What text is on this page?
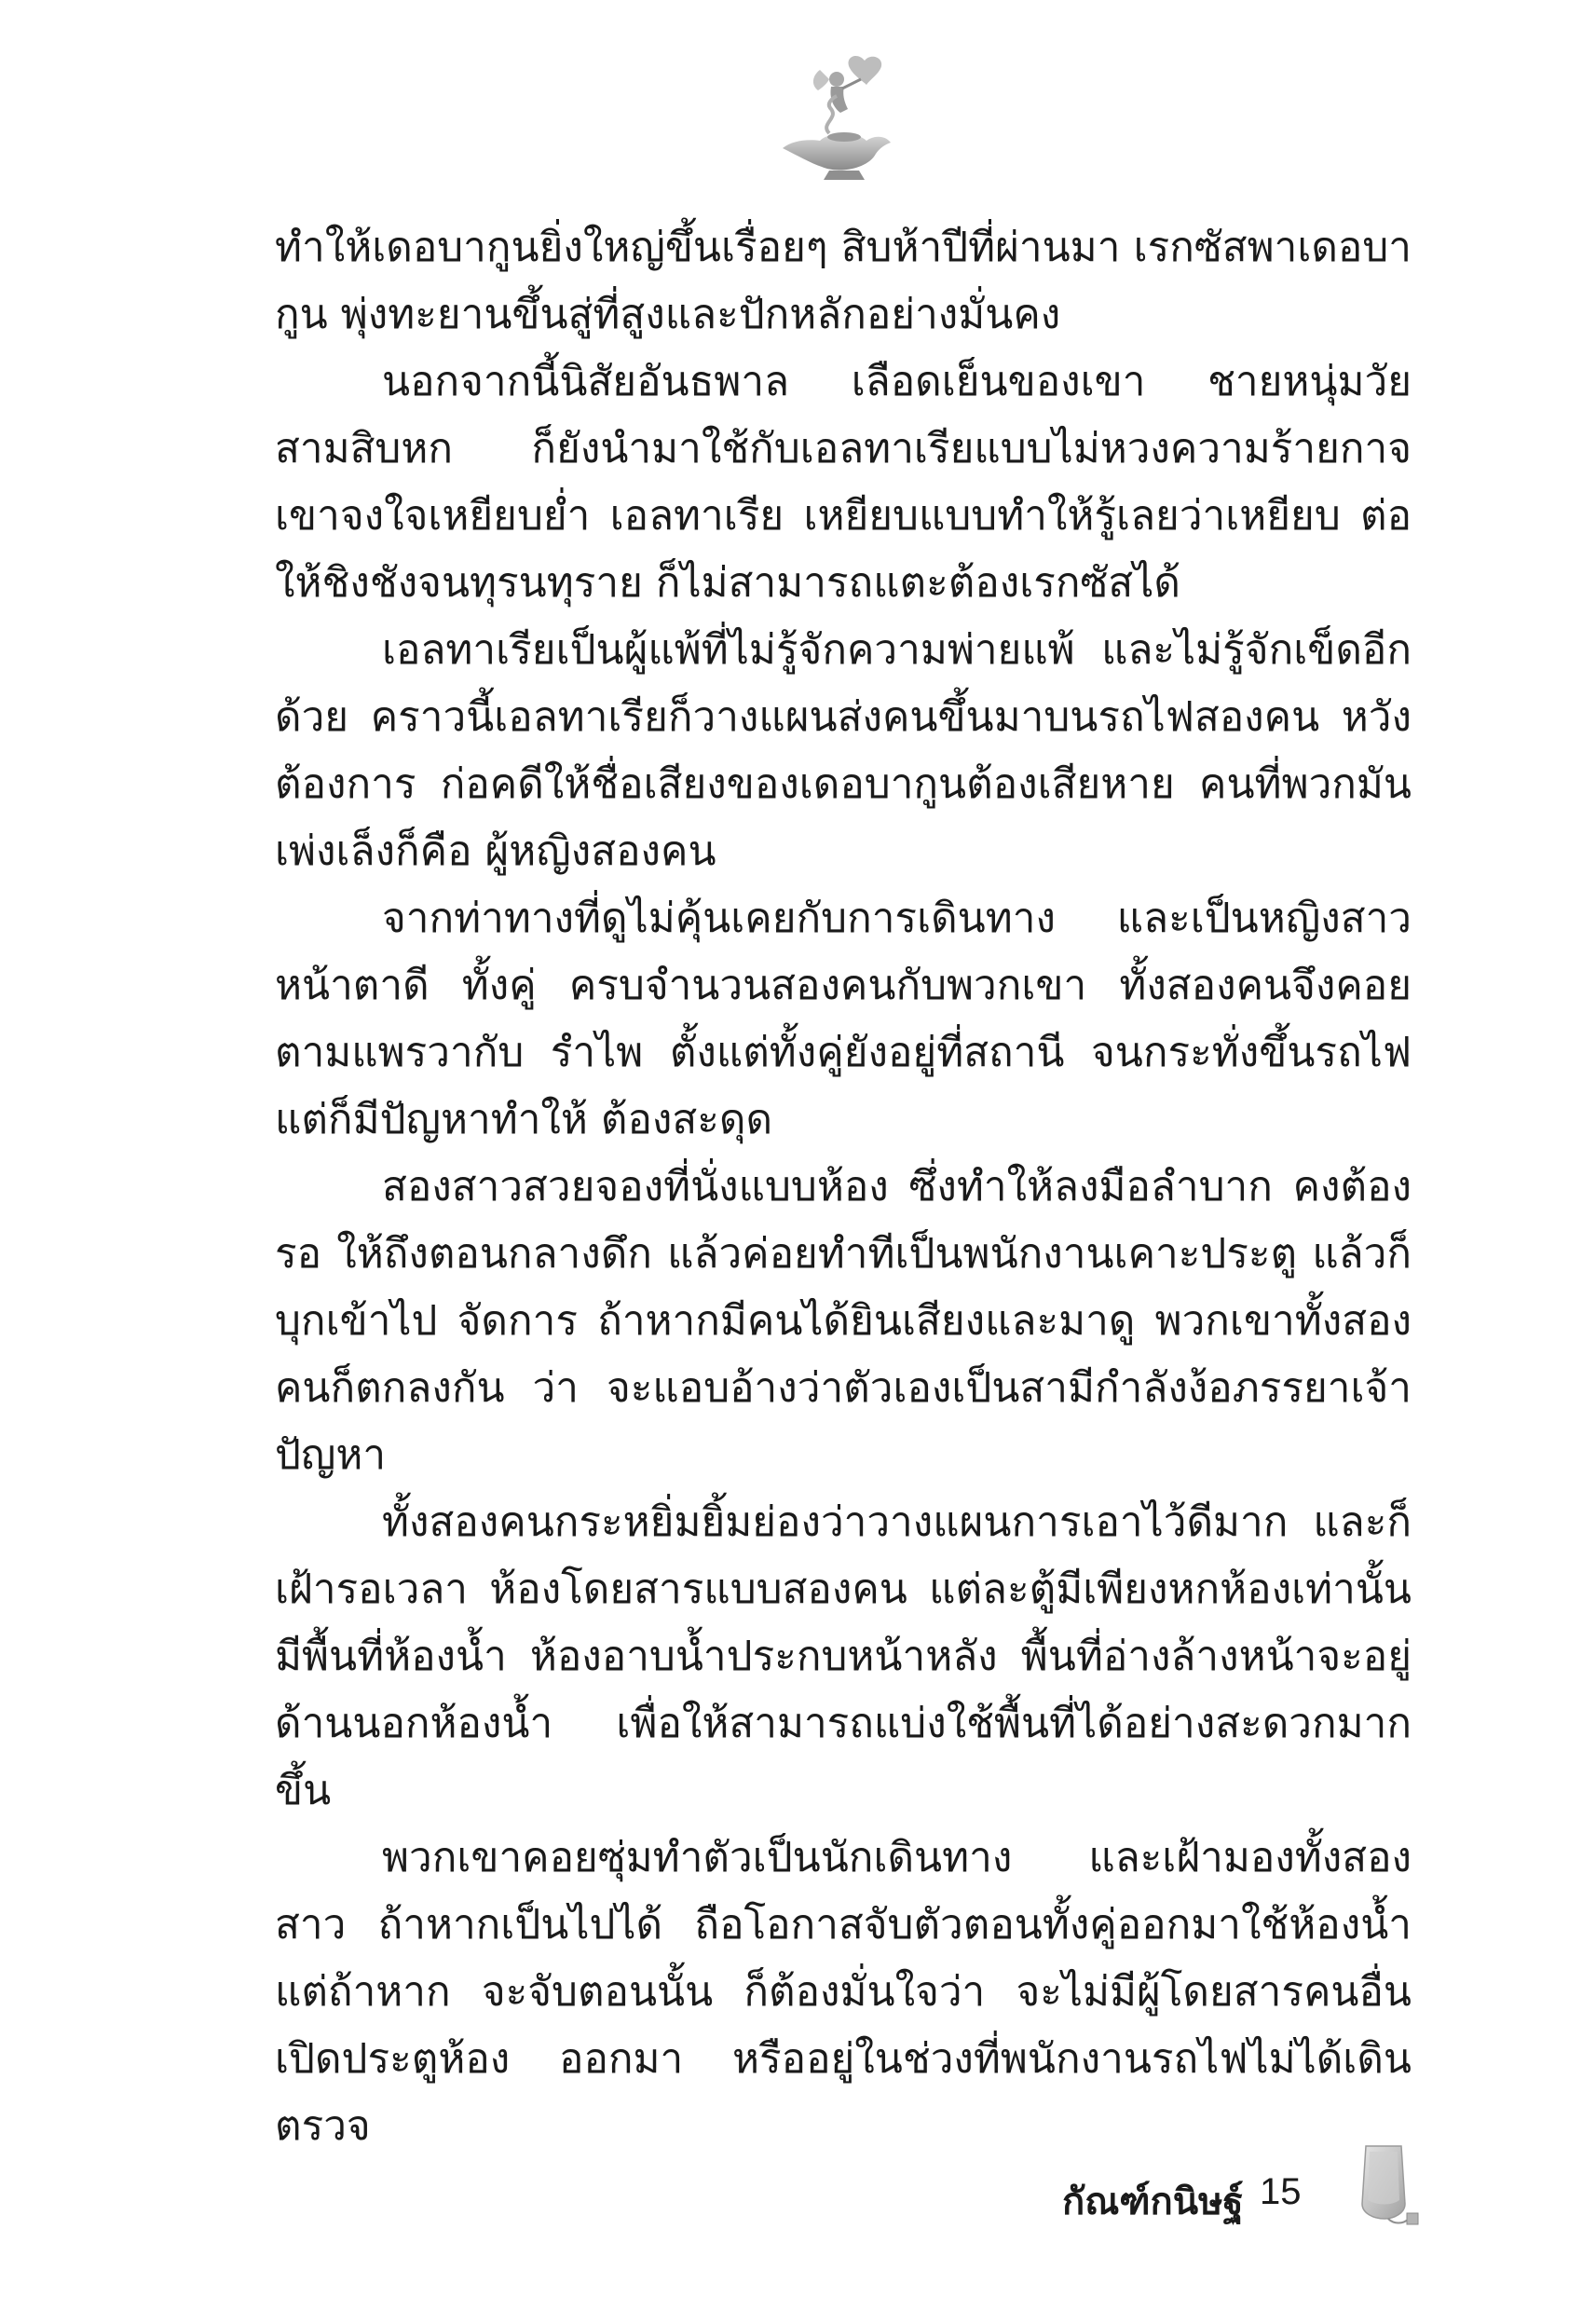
ทำให้เดอบากูนยิ่งใหญ่ขึ้นเรื่อยๆ สิบห้าปีที่ผ่านมา เรกซัสพาเดอบากูน พุ่งทะยานขึ้นสู่ที่สูงและปักหลักอย่างมั่นคง

นอกจากนี้นิสัยอันธพาล เลือดเย็นของเขา ชายหนุ่มวัยสามสิบหก ก็ยังนำมาใช้กับเอลทาเรียแบบไม่หวงความร้ายกาจ เขาจงใจเหยียบย่ำ เอลทาเรีย เหยียบแบบทำให้รู้เลยว่าเหยียบ ต่อให้ชิงชังจนทุรนทุราย ก็ไม่สามารถแตะต้องเรกซัสได้

เอลทาเรียเป็นผู้แพ้ที่ไม่รู้จักความพ่ายแพ้ และไม่รู้จักเข็ดอีกด้วย คราวนี้เอลทาเรียก็วางแผนส่งคนขึ้นมาบนรถไฟสองคน หวังต้องการ ก่อคดีให้ชื่อเสียงของเดอบากูนต้องเสียหาย คนที่พวกมันเพ่งเล็งก็คือ ผู้หญิงสองคน

จากท่าทางที่ดูไม่คุ้นเคยกับการเดินทาง และเป็นหญิงสาวหน้าตาดี ทั้งคู่ ครบจำนวนสองคนกับพวกเขา ทั้งสองคนจึงคอยตามแพรวากับ รำไพ ตั้งแต่ทั้งคู่ยังอยู่ที่สถานี จนกระทั่งขึ้นรถไฟ แต่ก็มีปัญหาทำให้ ต้องสะดุด

สองสาวสวยจองที่นั่งแบบห้อง ซึ่งทำให้ลงมือลำบาก คงต้องรอ ให้ถึงตอนกลางดึก แล้วค่อยทำทีเป็นพนักงานเคาะประตู แล้วก็บุกเข้าไป จัดการ ถ้าหากมีคนได้ยินเสียงและมาดู พวกเขาทั้งสองคนก็ตกลงกัน ว่า จะแอบอ้างว่าตัวเองเป็นสามีกำลังง้อภรรยาเจ้าปัญหา

ทั้งสองคนกระหยิ่มยิ้มย่องว่าวางแผนการเอาไว้ดีมาก และก็ เฝ้ารอเวลา ห้องโดยสารแบบสองคน แต่ละตู้มีเพียงหกห้องเท่านั้น มีพื้นที่ห้องน้ำ ห้องอาบน้ำประกบหน้าหลัง พื้นที่อ่างล้างหน้าจะอยู่ ด้านนอกห้องน้ำ เพื่อให้สามารถแบ่งใช้พื้นที่ได้อย่างสะดวกมากขึ้น

พวกเขาคอยซุ่มทำตัวเป็นนักเดินทาง และเฝ้ามองทั้งสองสาว ถ้าหากเป็นไปได้ ถือโอกาสจับตัวตอนทั้งคู่ออกมาใช้ห้องน้ำ แต่ถ้าหาก จะจับตอนนั้น ก็ต้องมั่นใจว่า จะไม่มีผู้โดยสารคนอื่นเปิดประตูห้อง ออกมา หรืออยู่ในช่วงที่พนักงานรถไฟไม่ได้เดินตรวจ

กัณฑ์กนิษฐ์ 15
